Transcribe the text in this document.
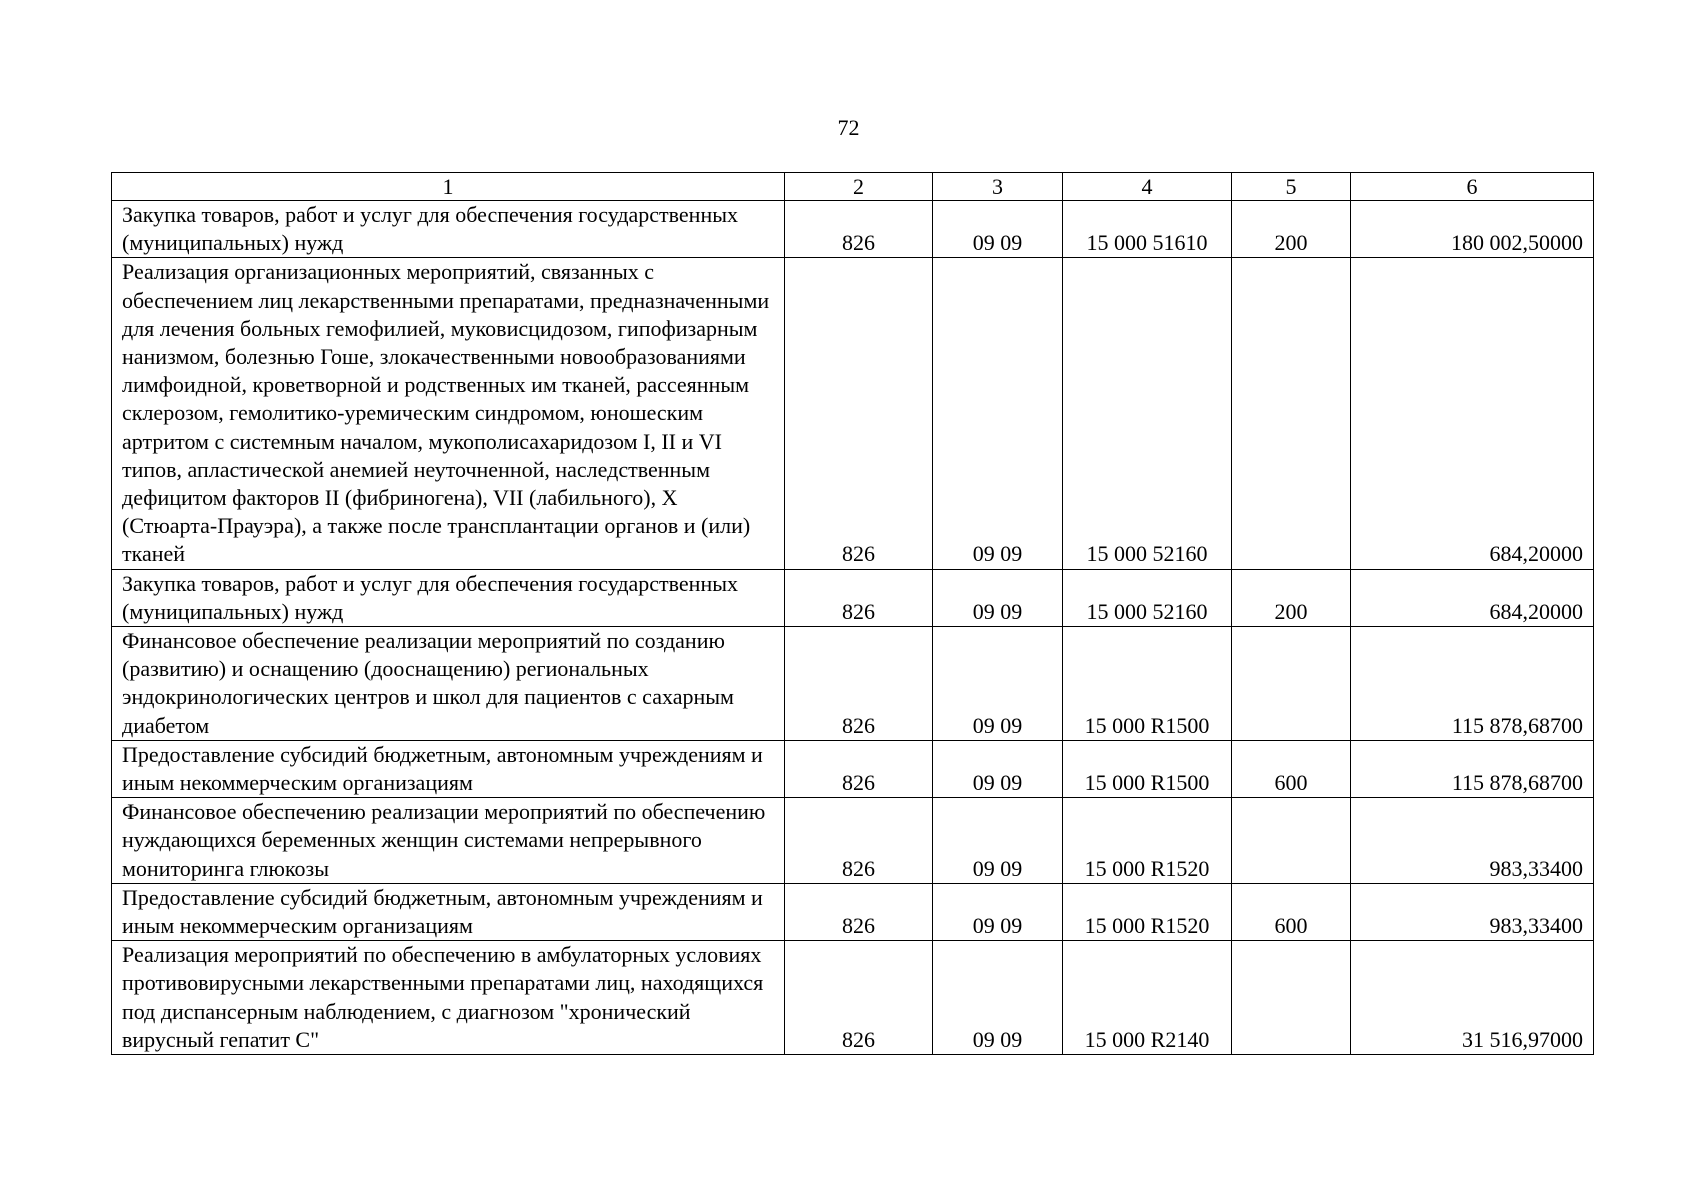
72
1	2	3	4	5	6
Закупка товаров, работ и услуг для обеспечения государственных (муниципальных) нужд	826	09 09	15 000 51610	200	180 002,50000
Реализация организационных мероприятий, связанных с обеспечением лиц лекарственными препаратами, предназначенными для лечения больных гемофилией, муковисцидозом, гипофизарным нанизмом, болезнью Гоше, злокачественными новообразованиями лимфоидной, кроветворной и родственных им тканей, рассеянным склерозом, гемолитико-уремическим синдромом, юношеским артритом с системным началом, мукополисахаридозом I, II и VI типов, апластической анемией неуточненной, наследственным дефицитом факторов II (фибриногена), VII (лабильного), X (Стюарта-Прауэра), а также после трансплантации органов и (или) тканей	826	09 09	15 000 52160		684,20000
Закупка товаров, работ и услуг для обеспечения государственных (муниципальных) нужд	826	09 09	15 000 52160	200	684,20000
Финансовое обеспечение реализации мероприятий по созданию (развитию) и оснащению (дооснащению) региональных эндокринологических центров и школ для пациентов с сахарным диабетом	826	09 09	15 000 R1500		115 878,68700
Предоставление субсидий бюджетным, автономным учреждениям и иным некоммерческим организациям	826	09 09	15 000 R1500	600	115 878,68700
Финансовое обеспечению реализации мероприятий по обеспечению нуждающихся беременных женщин системами непрерывного мониторинга глюкозы	826	09 09	15 000 R1520		983,33400
Предоставление субсидий бюджетным, автономным учреждениям и иным некоммерческим организациям	826	09 09	15 000 R1520	600	983,33400
Реализация мероприятий по обеспечению в амбулаторных условиях противовирусными лекарственными препаратами лиц, находящихся под диспансерным наблюдением, с диагнозом "хронический вирусный гепатит С"	826	09 09	15 000 R2140		31 516,97000
